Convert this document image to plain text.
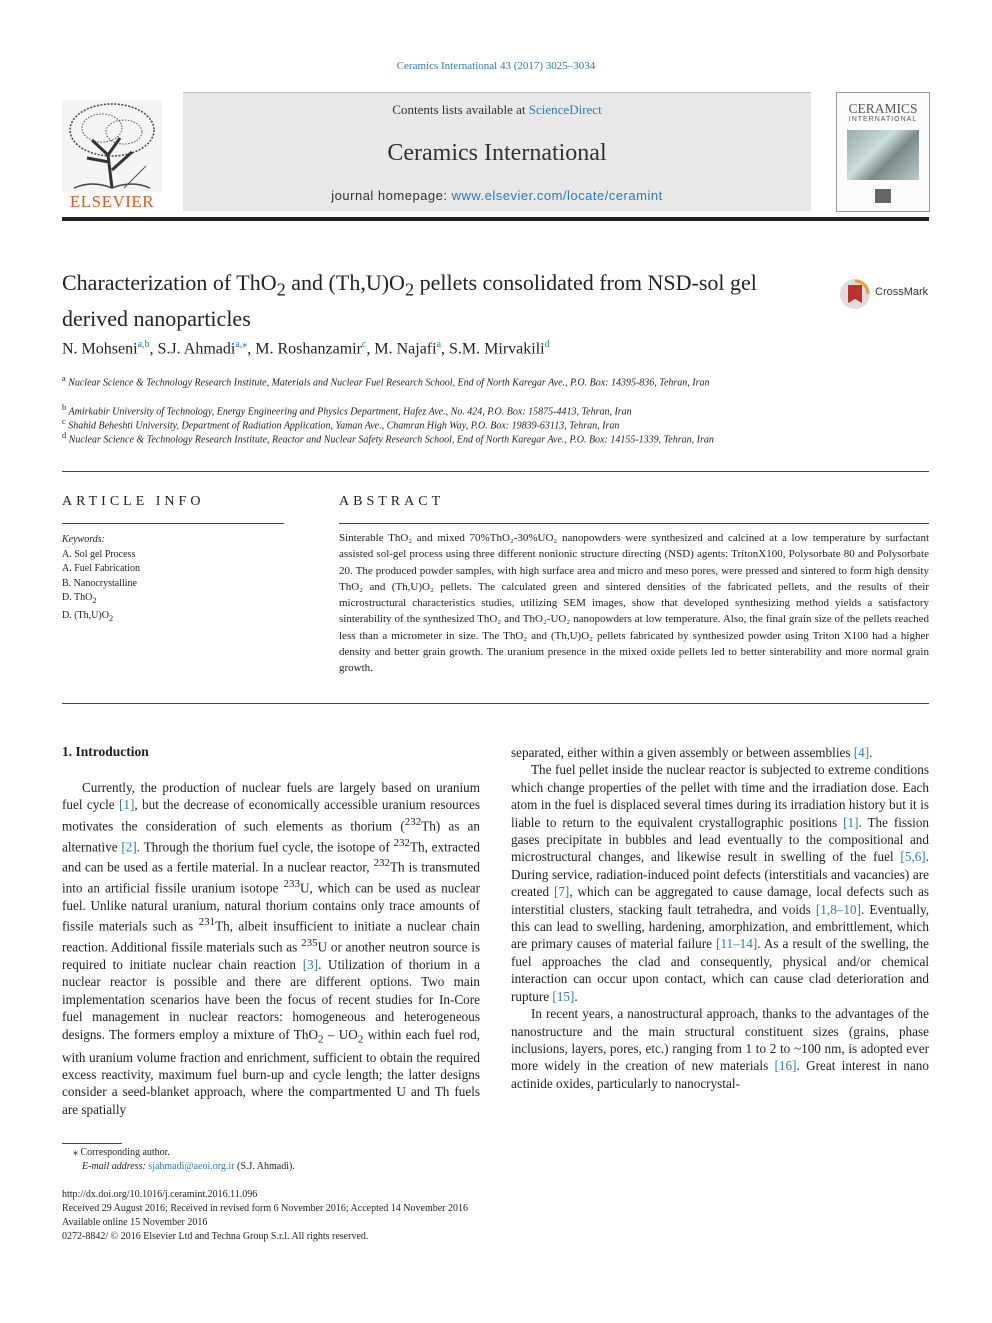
Ceramics International 43 (2017) 3025–3034
ELSEVIER
Contents lists available at ScienceDirect
Ceramics International
journal homepage: www.elsevier.com/locate/ceramint
CERAMICS
INTERNATIONAL
Characterization of ThO$_2$ and $(Th,U)O_2$ pellets consolidated from NSD-sol gel derived nanoparticles
CrossMark
N. Mohseni$^{a,b}$, S.J. Ahmadi$^{a,⁎}$, M. Roshanzamir$^c$, M. Najafi$^a$, S.M. Mirvakili$^d$
$^a$ Nuclear Science & Technology Research Institute, Materials and Nuclear Fuel Research School, End of North Karegar Ave., P.O. Box: 14395-836, Tehran, Iran
$^b$ Amirkabir University of Technology, Energy Engineering and Physics Department, Hafez Ave., No. 424, P.O. Box: 15875-4413, Tehran, Iran
$^c$ Shahid Beheshti University, Department of Radiation Application, Yaman Ave., Chamran High Way, P.O. Box: 19839-63113, Tehran, Iran
$^d$ Nuclear Science & Technology Research Institute, Reactor and Nuclear Safety Research School, End of North Karegar Ave., P.O. Box: 14155-1339, Tehran, Iran
ARTICLE INFO
Keywords:
A. Sol gel Process
A. Fuel Fabrication
B. Nanocrystalline
D. ThO$_2$
D. $(Th,U)O_2$
ABSTRACT
Sinterable ThO₂ and mixed 70%ThO₂-30%UO₂ nanopowders were synthesized and calcined at a low temperature by surfactant assisted sol-gel process using three different nonionic structure directing (NSD) agents: TritonX100, Polysorbate 80 and Polysorbate 20. The produced powder samples, with high surface area and micro and meso pores, were pressed and sintered to form high density ThO₂ and (Th,U)O₂ pellets. The calculated green and sintered densities of the fabricated pellets, and the results of their microstructural characteristics studies, utilizing SEM images, show that developed synthesizing method yields a satisfactory sinterability of the synthesized ThO₂ and ThO₂-UO₂ nanopowders at low temperature. Also, the final grain size of the pellets reached less than a micrometer in size. The ThO₂ and (Th,U)O₂ pellets fabricated by synthesized powder using Triton X100 had a higher density and better grain growth. The uranium presence in the mixed oxide pellets led to better sinterability and more normal grain growth.
1. Introduction

Currently, the production of nuclear fuels are largely based on uranium fuel cycle [1], but the decrease of economically accessible uranium resources motivates the consideration of such elements as thorium ($^{232}$Th) as an alternative [2]. Through the thorium fuel cycle, the isotope of $^{232}$Th, extracted and can be used as a fertile material. In a nuclear reactor, $^{232}$Th is transmuted into an artificial fissile uranium isotope $^{233}$U, which can be used as nuclear fuel. Unlike natural uranium, natural thorium contains only trace amounts of fissile materials such as $^{231}$Th, albeit insufficient to initiate a nuclear chain reaction. Additional fissile materials such as $^{235}$U or another neutron source is required to initiate nuclear chain reaction [3]. Utilization of thorium in a nuclear reactor is possible and there are different options. Two main implementation scenarios have been the focus of recent studies for In-Core fuel management in nuclear reactors: homogeneous and heterogeneous designs. The formers employ a mixture of $ThO_2 - UO_2$ within each fuel rod, with uranium volume fraction and enrichment, sufficient to obtain the required excess reactivity, maximum fuel burn-up and cycle length; the latter designs consider a seed-blanket approach, where the compartmented U and Th fuels are spatially

separated, either within a given assembly or between assemblies [4].

The fuel pellet inside the nuclear reactor is subjected to extreme conditions which change properties of the pellet with time and the irradiation dose. Each atom in the fuel is displaced several times during its irradiation history but it is liable to return to the equivalent crystallographic positions [1]. The fission gases precipitate in bubbles and lead eventually to the compositional and microstructural changes, and likewise result in swelling of the fuel [5,6]. During service, radiation-induced point defects (interstitials and vacancies) are created [7], which can be aggregated to cause damage, local defects such as interstitial clusters, stacking fault tetrahedra, and voids [1,8–10]. Eventually, this can lead to swelling, hardening, amorphization, and embrittlement, which are primary causes of material failure [11–14]. As a result of the swelling, the fuel approaches the clad and consequently, physical and/or chemical interaction can occur upon contact, which can cause clad deterioration and rupture [15].

In recent years, a nanostructural approach, thanks to the advantages of the nanostructure and the main structural constituent sizes (grains, phase inclusions, layers, pores, etc.) ranging from 1 to 2 to ~100 nm, is adopted ever more widely in the creation of new materials [16]. Great interest in nano actinide oxides, particularly to nanocrystal-

⁎ Corresponding author.
E-mail address: sjahmadi@aeoi.org.ir (S.J. Ahmadi).
http://dx.doi.org/10.1016/j.ceramint.2016.11.096
Received 29 August 2016; Received in revised form 6 November 2016; Accepted 14 November 2016
Available online 15 November 2016
0272-8842/ © 2016 Elsevier Ltd and Techna Group S.r.l. All rights reserved.
